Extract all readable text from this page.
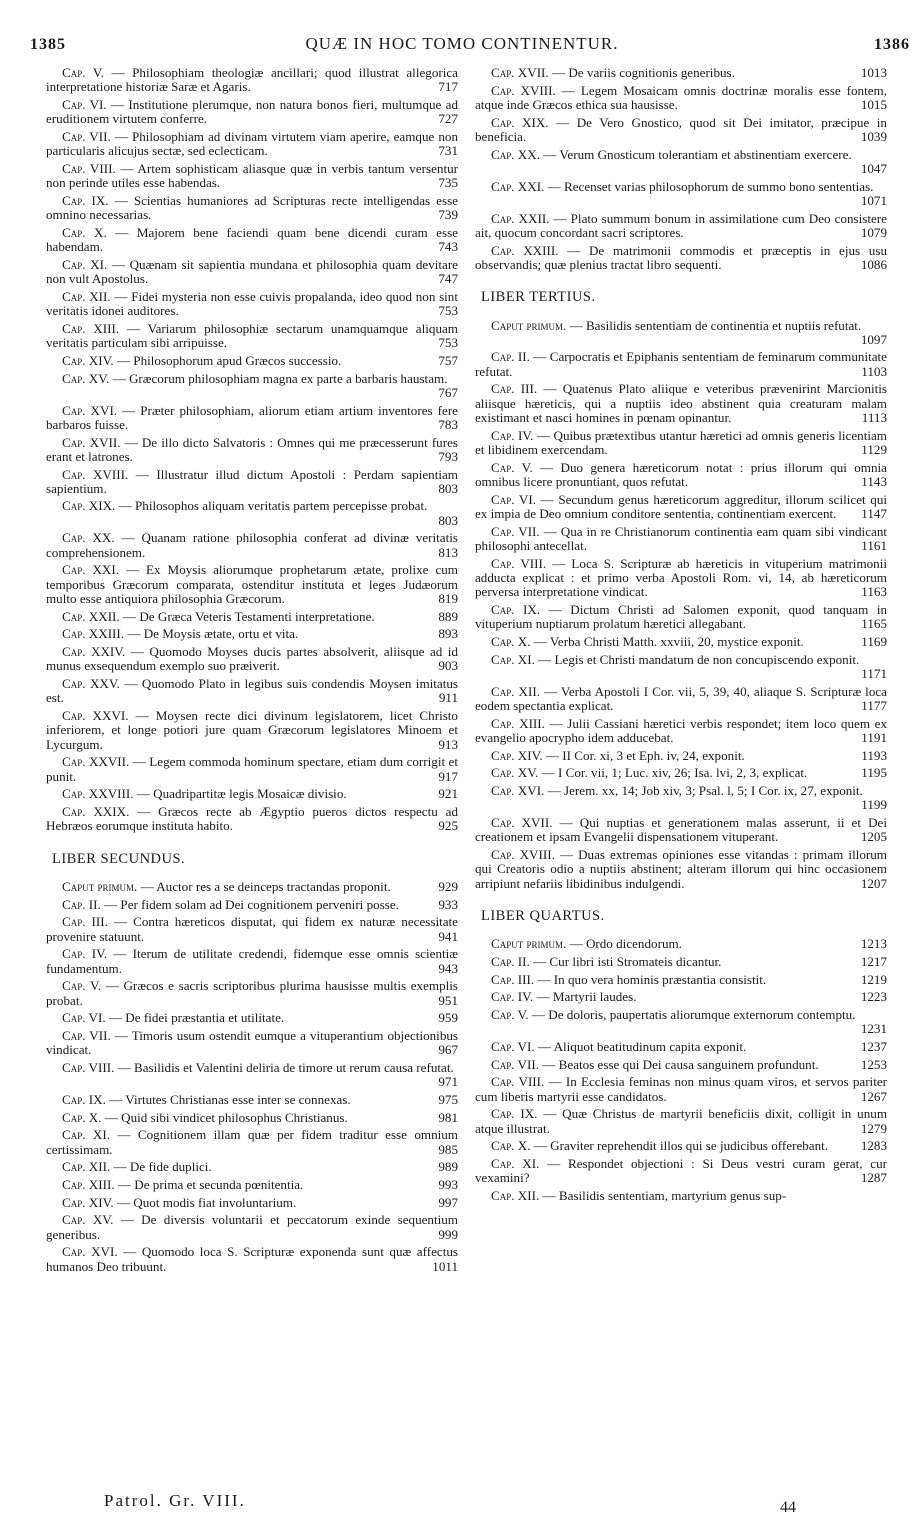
1385	QUÆ IN HOC TOMO CONTINENTUR.	1386
Cap. V. — Philosophiam theologiæ ancillari; quod illustrat allegorica interpretatione historiæ Saræ et Agaris.	717
Cap. VI. — Institutione plerumque, non natura bonos fieri, multumque ad eruditionem virtutem conferre.	727
Cap. VII. — Philosophiam ad divinam virtutem viam aperire, eamque non particularis alicujus sectæ, sed eclecticam.	731
Cap. VIII. — Artem sophisticam aliasque quæ in verbis tantum versentur non perinde utiles esse habendas.	735
Cap. IX. — Scientias humaniores ad Scripturas recte intelligendas esse omnino necessarias.	739
Cap. X. — Majorem bene faciendi quam bene dicendi curam esse habendam.	743
Cap. XI. — Quænam sit sapientia mundana et philosophia quam devitare non vult Apostolus.	747
Cap. XII. — Fidei mysteria non esse cuivis propalanda, ideo quod non sint veritatis idonei auditores.	753
Cap. XIII. — Variarum philosophiæ sectarum unamquamque aliquam veritatis particulam sibi arripuisse.	753
Cap. XIV. — Philosophorum apud Græcos successio.	757
Cap. XV. — Græcorum philosophiam magna ex parte a barbaris haustam.
767
Cap. XVI. — Præter philosophiam, aliorum etiam artium inventores fere barbaros fuisse.	783
Cap. XVII. — De illo dicto Salvatoris : Omnes qui me præcesserunt fures erant et latrones.	793
Cap. XVIII. — Illustratur illud dictum Apostoli : Perdam sapientiam sapientium.	803
Cap. XIX. — Philosophos aliquam veritatis partem percepisse probat.
803
Cap. XX. — Quanam ratione philosophia conferat ad divinæ veritatis comprehensionem.	813
Cap. XXI. — Ex Moysis aliorumque prophetarum ætate, prolixe cum temporibus Græcorum comparata, ostenditur instituta et leges Judæorum multo esse antiquiora philosophia Græcorum.	819
Cap. XXII. — De Græca Veteris Testamenti interpretatione.	889
Cap. XXIII. — De Moysis ætate, ortu et vita.	893
Cap. XXIV. — Quomodo Moyses ducis partes absolverit, aliisque ad id munus exsequendum exemplo suo præiverit.	903
Cap. XXV. — Quomodo Plato in legibus suis condendis Moysen imitatus est.	911
Cap. XXVI. — Moysen recte dici divinum legislatorem, licet Christo inferiorem, et longe potiori jure quam Græcorum legislatores Minoem et Lycurgum.	913
Cap. XXVII. — Legem commoda hominum spectare, etiam dum corrigit et punit.	917
Cap. XXVIII. — Quadripartitæ legis Mosaicæ divisio.	921
Cap. XXIX. — Græcos recte ab Ægyptio pueros dictos respectu ad Hebræos eorumque instituta habito.	925
LIBER SECUNDUS.
Caput primum. — Auctor res a se deinceps tractandas proponit.	929
Cap. II. — Per fidem solam ad Dei cognitionem perveniri posse.	933
Cap. III. — Contra hæreticos disputat, qui fidem ex naturæ necessitate provenire statuunt.	941
Cap. IV. — Iterum de utilitate credendi, fidemque esse omnis scientiæ fundamentum.	943
Cap. V. — Græcos e sacris scriptoribus plurima hausisse multis exemplis probat.	951
Cap. VI. — De fidei præstantia et utilitate.	959
Cap. VII. — Timoris usum ostendit eumque a vituperantium objectionibus vindicat.	967
Cap. VIII. — Basilidis et Valentini deliria de timore ut rerum causa refutat.
971
Cap. IX. — Virtutes Christianas esse inter se connexas.	975
Cap. X. — Quid sibi vindicet philosophus Christianus.	981
Cap. XI. — Cognitionem illam quæ per fidem traditur esse omnium certissimam.	985
Cap. XII. — De fide duplici.	989
Cap. XIII. — De prima et secunda pœnitentia.	993
Cap. XIV. — Quot modis fiat involuntarium.	997
Cap. XV. — De diversis voluntarii et peccatorum exinde sequentium generibus.	999
Cap. XVI. — Quomodo loca S. Scripturæ exponenda sunt quæ affectus humanos Deo tribuunt.	1011
Cap. XVII. — De variis cognitionis generibus.	1013
Cap. XVIII. — Legem Mosaicam omnis doctrinæ moralis esse fontem, atque inde Græcos ethica sua hausisse.	1015
Cap. XIX. — De Vero Gnostico, quod sit Dei imitator, præcipue in beneficia.	1039
Cap. XX. — Verum Gnosticum tolerantiam et abstinentiam exercere.
1047
Cap. XXI. — Recenset varias philosophorum de summo bono sententias.
1071
Cap. XXII. — Plato summum bonum in assimilatione cum Deo consistere ait, quocum concordant sacri scriptores.	1079
Cap. XXIII. — De matrimonii commodis et præceptis in ejus usu observandis; quæ plenius tractat libro sequenti.	1086
LIBER TERTIUS.
Caput primum. — Basilidis sententiam de continentia et nuptiis refutat.
1097
Cap. II. — Carpocratis et Epiphanis sententiam de feminarum communitate refutat.	1103
Cap. III. — Quatenus Plato aliique e veteribus prævenirint Marcionitis aliisque hæreticis, qui a nuptiis ideo abstinent quia creaturam malam existimant et nasci homines in pœnam opinantur.	1113
Cap. IV. — Quibus prætextibus utantur hæretici ad omnis generis licentiam et libidinem exercendam.	1129
Cap. V. — Duo genera hæreticorum notat : prius illorum qui omnia omnibus licere pronuntiant, quos refutat.	1143
Cap. VI. — Secundum genus hæreticorum aggreditur, illorum scilicet qui ex impia de Deo omnium conditore sententia, continentiam exercent.	1147
Cap. VII. — Qua in re Christianorum continentia eam quam sibi vindicant philosophi antecellat.	1161
Cap. VIII. — Loca S. Scripturæ ab hæreticis in vituperium matrimonii adducta explicat : et primo verba Apostoli Rom. vi, 14, ab hæreticorum perversa interpretatione vindicat.	1163
Cap. IX. — Dictum Christi ad Salomen exponit, quod tanquam in vituperium nuptiarum prolatum hæretici allegabant.	1165
Cap. X. — Verba Christi Matth. xxviii, 20, mystice exponit.	1169
Cap. XI. — Legis et Christi mandatum de non concupiscendo exponit.
1171
Cap. XII. — Verba Apostoli I Cor. vii, 5, 39, 40, aliaque S. Scripturæ loca eodem spectantia explicat.	1177
Cap. XIII. — Julii Cassiani hæretici verbis respondet; item loco quem ex evangelio apocrypho idem adducebat.	1191
Cap. XIV. — II Cor. xi, 3 et Eph. iv, 24, exponit.	1193
Cap. XV. — I Cor. vii, 1; Luc. xiv, 26; Isa. lvi, 2, 3, explicat.	1195
Cap. XVI. — Jerem. xx, 14; Job xiv, 3; Psal. l, 5; I Cor. ix, 27, exponit.
1199
Cap. XVII. — Qui nuptias et generationem malas asserunt, ii et Dei creationem et ipsam Evangelii dispensationem vituperant.	1205
Cap. XVIII. — Duas extremas opiniones esse vitandas : primam illorum qui Creatoris odio a nuptiis abstinent; alteram illorum qui hinc occasionem arripiunt nefariis libidinibus indulgendi.	1207
LIBER QUARTUS.
Caput primum. — Ordo dicendorum.	1213
Cap. II. — Cur libri isti Stromateis dicantur.	1217
Cap. III. — In quo vera hominis præstantia consistit.	1219
Cap. IV. — Martyrii laudes.	1223
Cap. V. — De doloris, paupertatis aliorumque externorum contemptu.
1231
Cap. VI. — Aliquot beatitudinum capita exponit.	1237
Cap. VII. — Beatos esse qui Dei causa sanguinem profundunt.	1253
Cap. VIII. — In Ecclesia feminas non minus quam viros, et servos pariter cum liberis martyrii esse candidatos.	1267
Cap. IX. — Quæ Christus de martyrii beneficiis dixit, colligit in unum atque illustrat.	1279
Cap. X. — Graviter reprehendit illos qui se judicibus offerebant.	1283
Cap. XI. — Respondet objectioni : Si Deus vestri curam gerat, cur vexamini?	1287
Cap. XII. — Basilidis sententiam, martyrium genus sup-
Patrol. Gr. VIII.	44
